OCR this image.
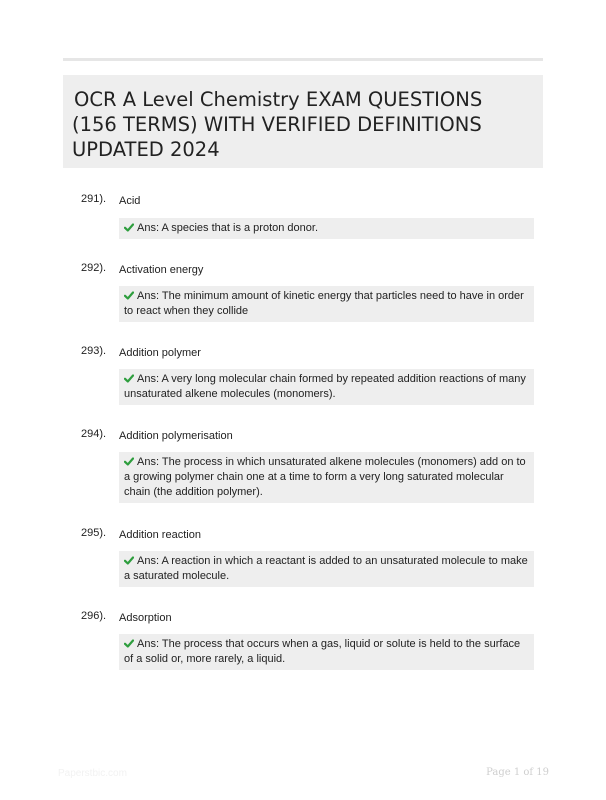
OCR A Level Chemistry EXAM QUESTIONS (156 TERMS) WITH VERIFIED DEFINITIONS UPDATED 2024
291). Acid
Ans: A species that is a proton donor.
292). Activation energy
Ans: The minimum amount of kinetic energy that particles need to have in order to react when they collide
293). Addition polymer
Ans: A very long molecular chain formed by repeated addition reactions of many unsaturated alkene molecules (monomers).
294). Addition polymerisation
Ans: The process in which unsaturated alkene molecules (monomers) add on to a growing polymer chain one at a time to form a very long saturated molecular chain (the addition polymer).
295). Addition reaction
Ans: A reaction in which a reactant is added to an unsaturated molecule to make a saturated molecule.
296). Adsorption
Ans: The process that occurs when a gas, liquid or solute is held to the surface of a solid or, more rarely, a liquid.
Paperstbic.com	Page 1 of 19
